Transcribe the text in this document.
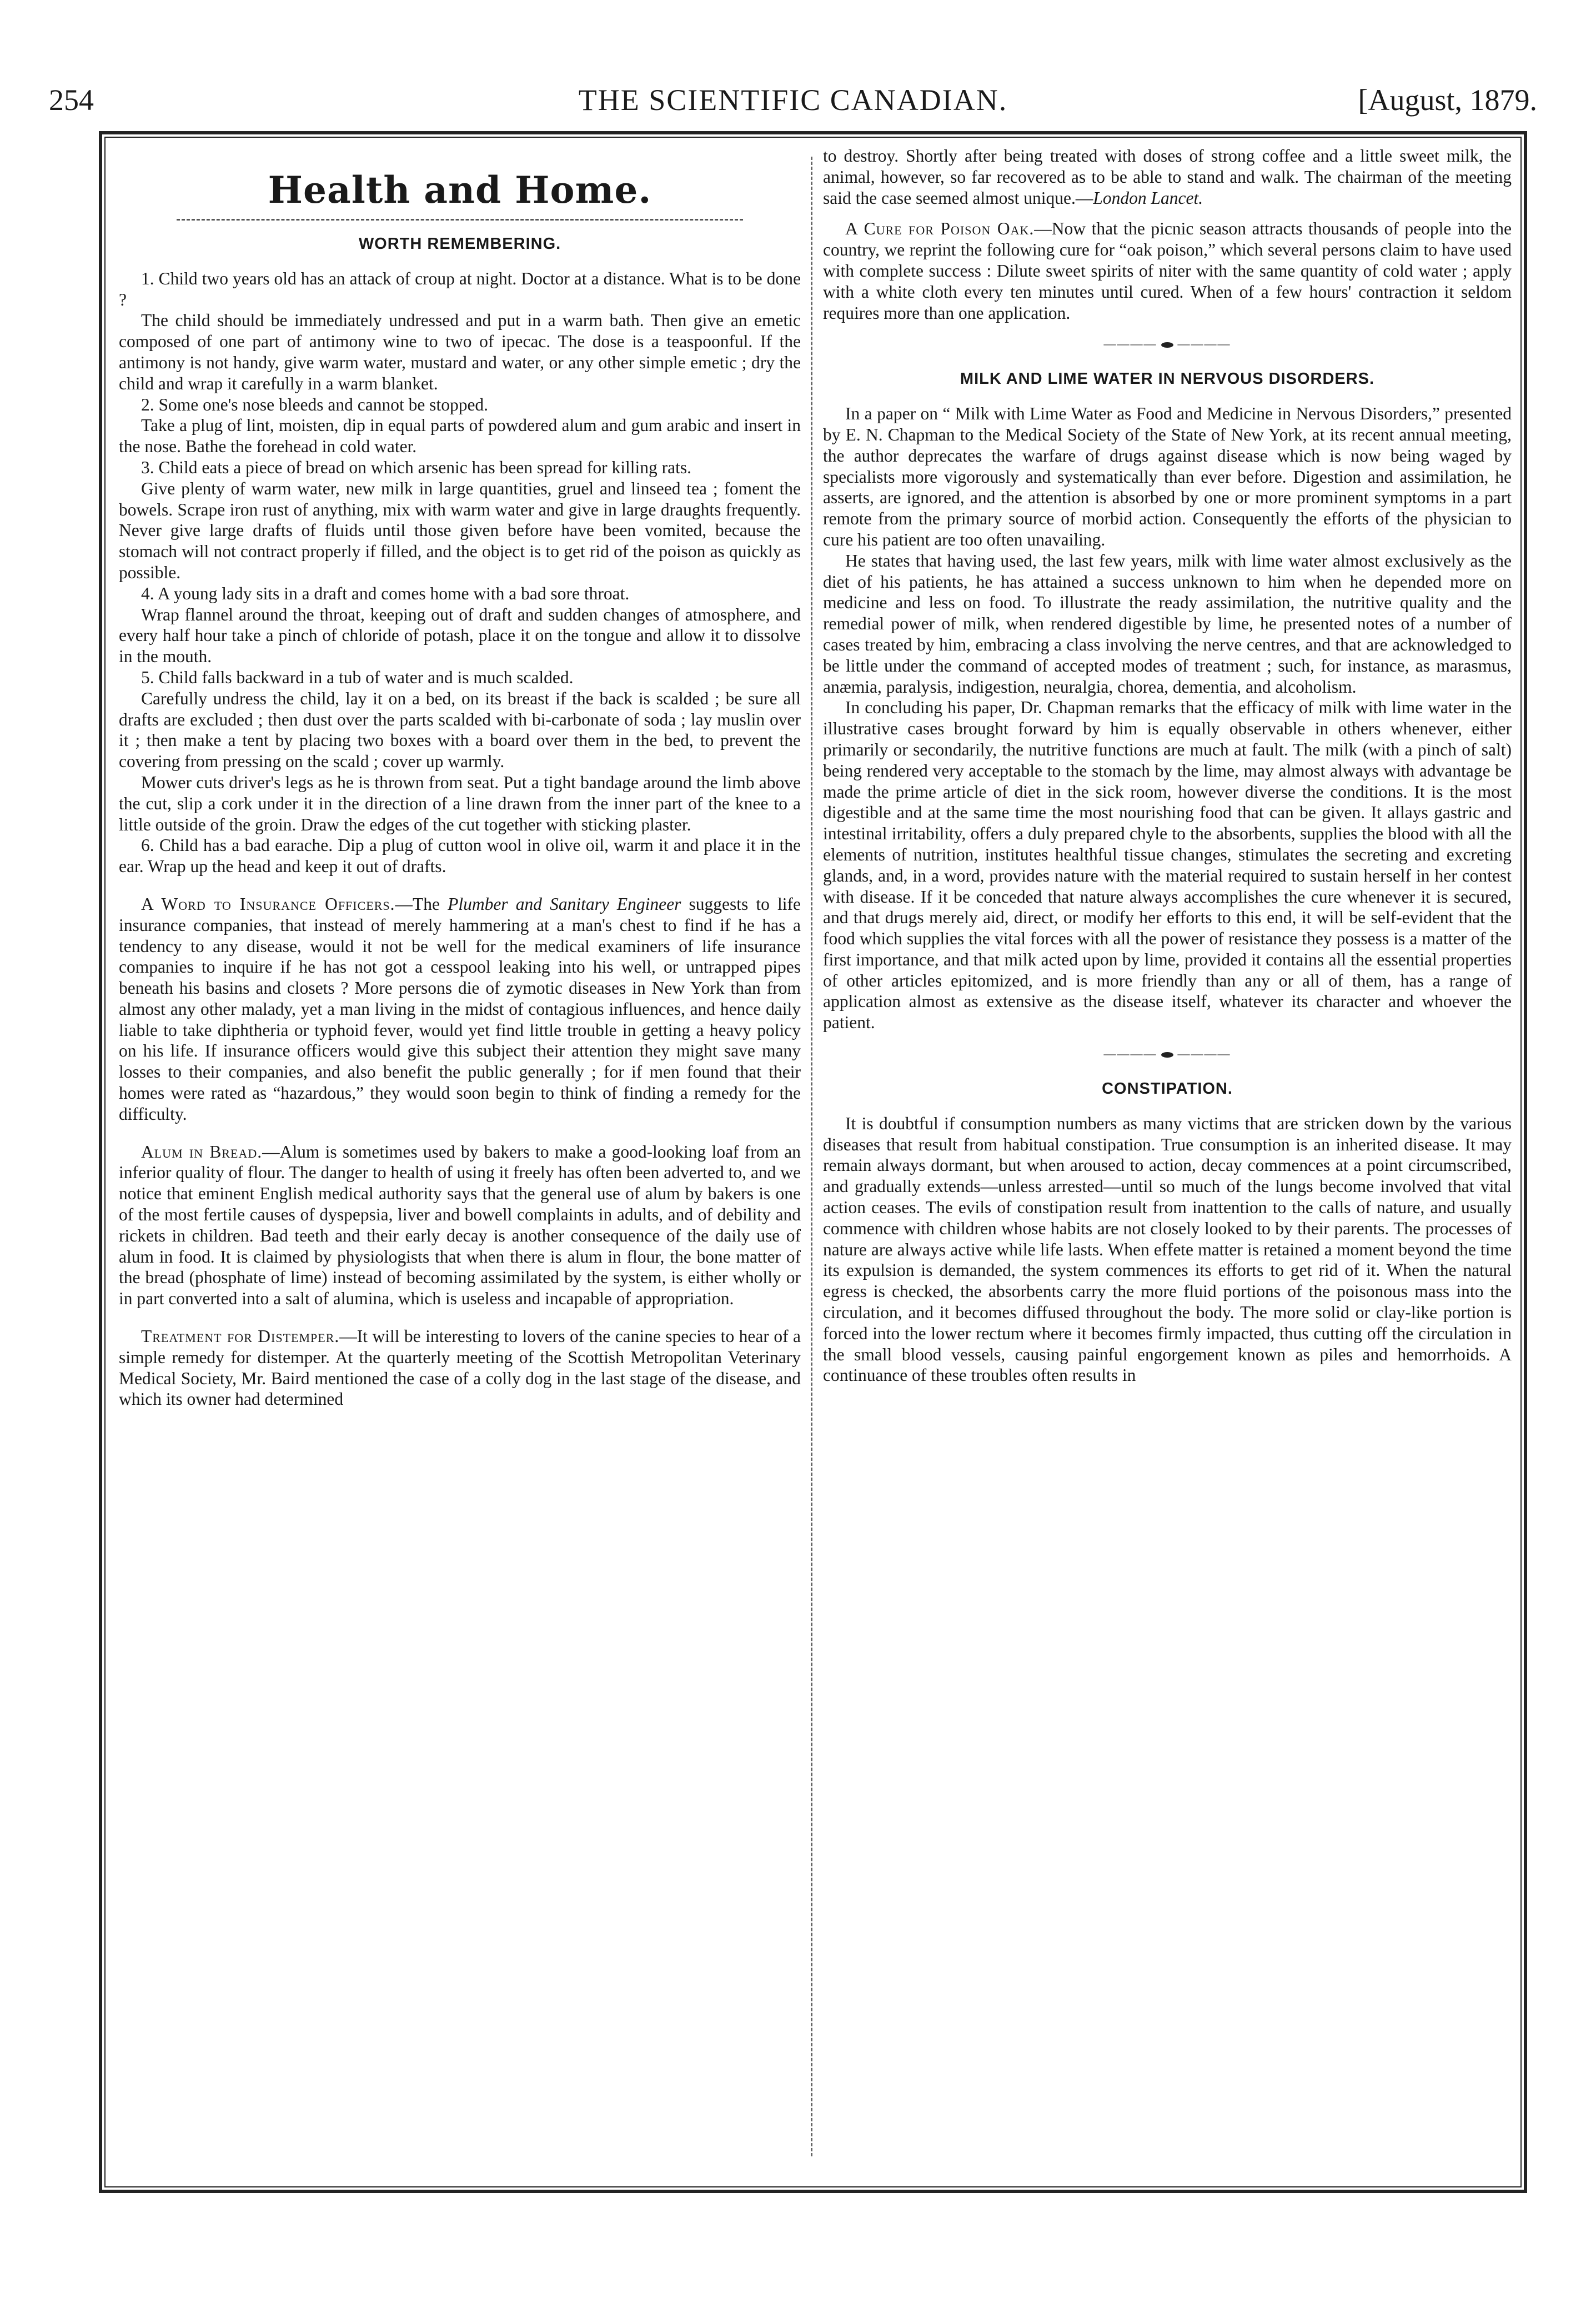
254	THE SCIENTIFIC CANADIAN.	[August, 1879.
Health and Home.
WORTH REMEMBERING.

1. Child two years old has an attack of croup at night. Doctor at a distance. What is to be done ?

The child should be immediately undressed and put in a warm bath. Then give an emetic composed of one part of antimony wine to two of ipecac. The dose is a teaspoonful. If the antimony is not handy, give warm water, mustard and water, or any other simple emetic ; dry the child and wrap it carefully in a warm blanket.

2. Some one's nose bleeds and cannot be stopped.

Take a plug of lint, moisten, dip in equal parts of powdered alum and gum arabic and insert in the nose. Bathe the forehead in cold water.

3. Child eats a piece of bread on which arsenic has been spread for killing rats.

Give plenty of warm water, new milk in large quantities, gruel and linseed tea ; foment the bowels. Scrape iron rust of anything, mix with warm water and give in large draughts frequently. Never give large drafts of fluids until those given before have been vomited, because the stomach will not contract properly if filled, and the object is to get rid of the poison as quickly as possible.

4. A young lady sits in a draft and comes home with a bad sore throat.

Wrap flannel around the throat, keeping out of draft and sudden changes of atmosphere, and every half hour take a pinch of chloride of potash, place it on the tongue and allow it to dissolve in the mouth.

5. Child falls backward in a tub of water and is much scalded.

Carefully undress the child, lay it on a bed, on its breast if the back is scalded ; be sure all drafts are excluded ; then dust over the parts scalded with bi-carbonate of soda ; lay muslin over it ; then make a tent by placing two boxes with a board over them in the bed, to prevent the covering from pressing on the scald ; cover up warmly.

Mower cuts driver's legs as he is thrown from seat. Put a tight bandage around the limb above the cut, slip a cork under it in the direction of a line drawn from the inner part of the knee to a little outside of the groin. Draw the edges of the cut together with sticking plaster.

6. Child has a bad earache. Dip a plug of cutton wool in olive oil, warm it and place it in the ear. Wrap up the head and keep it out of drafts.

A Word to Insurance Officers.—The Plumber and Sanitary Engineer suggests to life insurance companies, that instead of merely hammering at a man's chest to find if he has a tendency to any disease, would it not be well for the medical examiners of life insurance companies to inquire if he has not got a cesspool leaking into his well, or untrapped pipes beneath his basins and closets ? More persons die of zymotic diseases in New York than from almost any other malady, yet a man living in the midst of contagious influences, and hence daily liable to take diphtheria or typhoid fever, would yet find little trouble in getting a heavy policy on his life. If insurance officers would give this subject their attention they might save many losses to their companies, and also benefit the public generally ; for if men found that their homes were rated as “hazardous,” they would soon begin to think of finding a remedy for the difficulty.

Alum in Bread.—Alum is sometimes used by bakers to make a good-looking loaf from an inferior quality of flour. The danger to health of using it freely has often been adverted to, and we notice that eminent English medical authority says that the general use of alum by bakers is one of the most fertile causes of dyspepsia, liver and bowell complaints in adults, and of debility and rickets in children. Bad teeth and their early decay is another consequence of the daily use of alum in food. It is claimed by physiologists that when there is alum in flour, the bone matter of the bread (phosphate of lime) instead of becoming assimilated by the system, is either wholly or in part converted into a salt of alumina, which is useless and incapable of appropriation.

Treatment for Distemper.—It will be interesting to lovers of the canine species to hear of a simple remedy for distemper. At the quarterly meeting of the Scottish Metropolitan Veterinary Medical Society, Mr. Baird mentioned the case of a colly dog in the last stage of the disease, and which its owner had determined

to destroy. Shortly after being treated with doses of strong coffee and a little sweet milk, the animal, however, so far recovered as to be able to stand and walk. The chairman of the meeting said the case seemed almost unique.—London Lancet.

A Cure for Poison Oak.—Now that the picnic season attracts thousands of people into the country, we reprint the following cure for “oak poison,” which several persons claim to have used with complete success : Dilute sweet spirits of niter with the same quantity of cold water ; apply with a white cloth every ten minutes until cured. When of a few hours' contraction it seldom requires more than one application.

————  ————
MILK AND LIME WATER IN NERVOUS DISORDERS.

In a paper on “ Milk with Lime Water as Food and Medicine in Nervous Disorders,” presented by E. N. Chapman to the Medical Society of the State of New York, at its recent annual meeting, the author deprecates the warfare of drugs against disease which is now being waged by specialists more vigorously and systematically than ever before. Digestion and assimilation, he asserts, are ignored, and the attention is absorbed by one or more prominent symptoms in a part remote from the primary source of morbid action. Consequently the efforts of the physician to cure his patient are too often unavailing.

He states that having used, the last few years, milk with lime water almost exclusively as the diet of his patients, he has attained a success unknown to him when he depended more on medicine and less on food. To illustrate the ready assimilation, the nutritive quality and the remedial power of milk, when rendered digestible by lime, he presented notes of a number of cases treated by him, embracing a class involving the nerve centres, and that are acknowledged to be little under the command of accepted modes of treatment ; such, for instance, as marasmus, anæmia, paralysis, indigestion, neuralgia, chorea, dementia, and alcoholism.

In concluding his paper, Dr. Chapman remarks that the efficacy of milk with lime water in the illustrative cases brought forward by him is equally observable in others whenever, either primarily or secondarily, the nutritive functions are much at fault. The milk (with a pinch of salt) being rendered very acceptable to the stomach by the lime, may almost always with advantage be made the prime article of diet in the sick room, however diverse the conditions. It is the most digestible and at the same time the most nourishing food that can be given. It allays gastric and intestinal irritability, offers a duly prepared chyle to the absorbents, supplies the blood with all the elements of nutrition, institutes healthful tissue changes, stimulates the secreting and excreting glands, and, in a word, provides nature with the material required to sustain herself in her contest with disease. If it be conceded that nature always accomplishes the cure whenever it is secured, and that drugs merely aid, direct, or modify her efforts to this end, it will be self-evident that the food which supplies the vital forces with all the power of resistance they possess is a matter of the first importance, and that milk acted upon by lime, provided it contains all the essential properties of other articles epitomized, and is more friendly than any or all of them, has a range of application almost as extensive as the disease itself, whatever its character and whoever the patient.

————  ————
CONSTIPATION.

It is doubtful if consumption numbers as many victims that are stricken down by the various diseases that result from habitual constipation. True consumption is an inherited disease. It may remain always dormant, but when aroused to action, decay commences at a point circumscribed, and gradually extends—unless arrested—until so much of the lungs become involved that vital action ceases. The evils of constipation result from inattention to the calls of nature, and usually commence with children whose habits are not closely looked to by their parents. The processes of nature are always active while life lasts. When effete matter is retained a moment beyond the time its expulsion is demanded, the system commences its efforts to get rid of it. When the natural egress is checked, the absorbents carry the more fluid portions of the poisonous mass into the circulation, and it becomes diffused throughout the body. The more solid or clay-like portion is forced into the lower rectum where it becomes firmly impacted, thus cutting off the circulation in the small blood vessels, causing painful engorgement known as piles and hemorrhoids. A continuance of these troubles often results in
